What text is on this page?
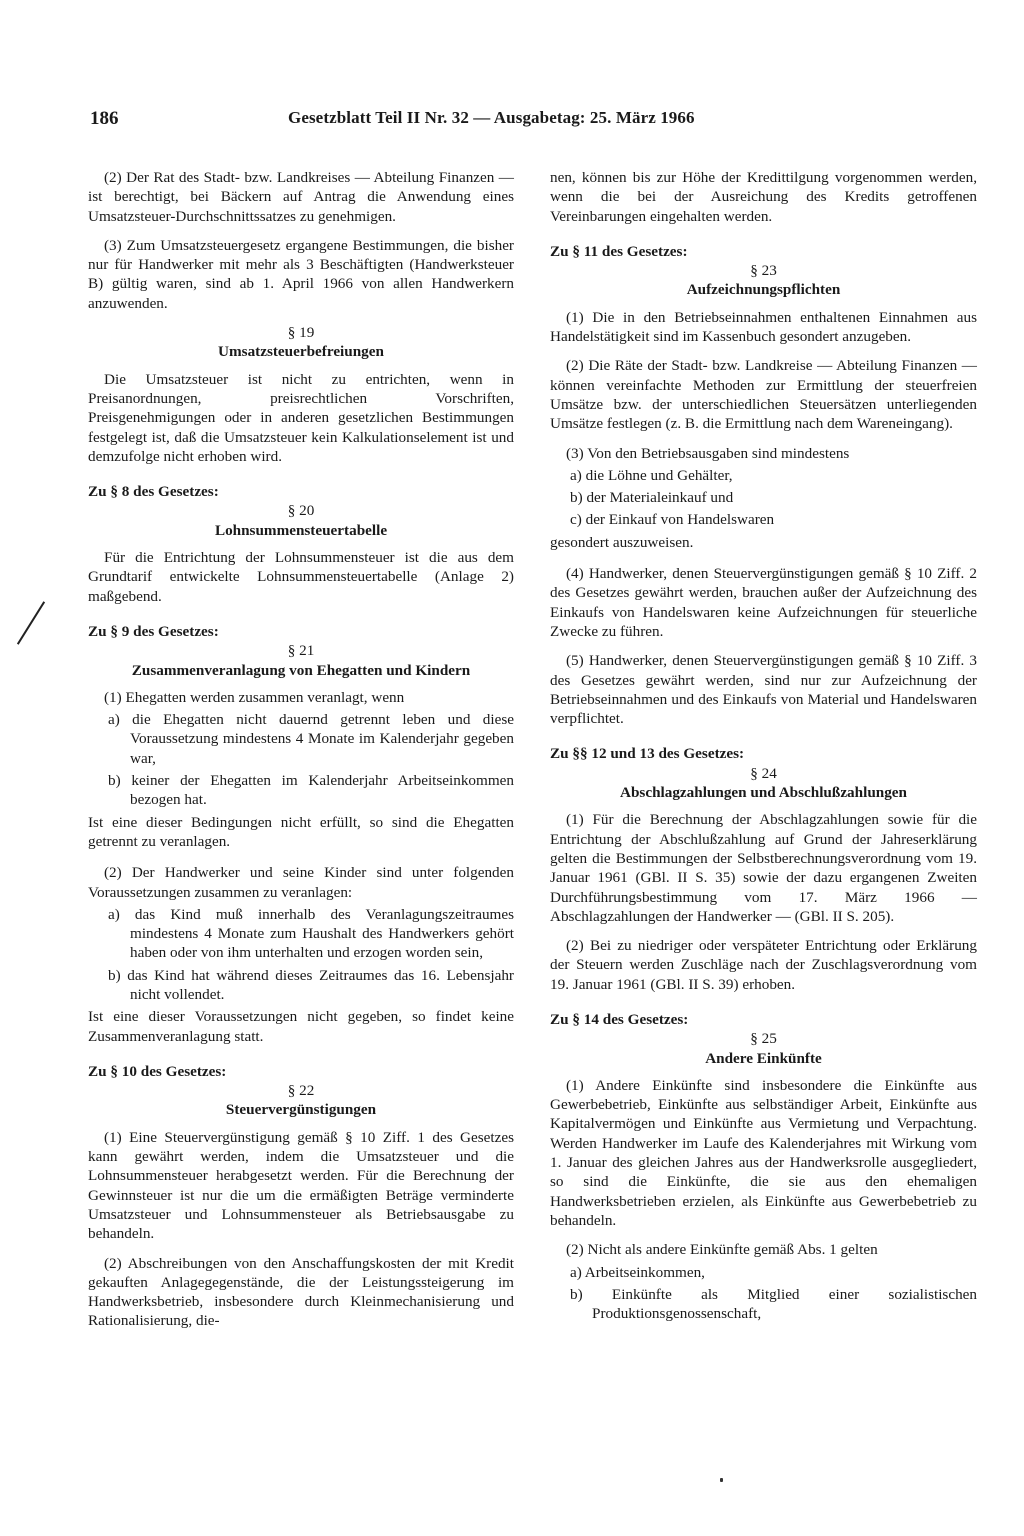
186	Gesetzblatt Teil II Nr. 32 — Ausgabetag: 25. März 1966

(2) Der Rat des Stadt- bzw. Landkreises — Abteilung Finanzen — ist berechtigt, bei Bäckern auf Antrag die Anwendung eines Umsatzsteuer-Durchschnittssatzes zu genehmigen.

(3) Zum Umsatzsteuergesetz ergangene Bestimmungen, die bisher nur für Handwerker mit mehr als 3 Beschäftigten (Handwerksteuer B) gültig waren, sind ab 1. April 1966 von allen Handwerkern anzuwenden.

§ 19

Umsatzsteuerbefreiungen

Die Umsatzsteuer ist nicht zu entrichten, wenn in Preisanordnungen, preisrechtlichen Vorschriften, Preisgenehmigungen oder in anderen gesetzlichen Bestimmungen festgelegt ist, daß die Umsatzsteuer kein Kalkulationselement ist und demzufolge nicht erhoben wird.

Zu § 8 des Gesetzes:

§ 20

Lohnsummensteuertabelle

Für die Entrichtung der Lohnsummensteuer ist die aus dem Grundtarif entwickelte Lohnsummensteuertabelle (Anlage 2) maßgebend.

Zu § 9 des Gesetzes:

§ 21

Zusammenveranlagung von Ehegatten und Kindern

(1) Ehegatten werden zusammen veranlagt, wenn

a) die Ehegatten nicht dauernd getrennt leben und diese Voraussetzung mindestens 4 Monate im Kalenderjahr gegeben war,

b) keiner der Ehegatten im Kalenderjahr Arbeitseinkommen bezogen hat.

Ist eine dieser Bedingungen nicht erfüllt, so sind die Ehegatten getrennt zu veranlagen.

(2) Der Handwerker und seine Kinder sind unter folgenden Voraussetzungen zusammen zu veranlagen:

a) das Kind muß innerhalb des Veranlagungszeitraumes mindestens 4 Monate zum Haushalt des Handwerkers gehört haben oder von ihm unterhalten und erzogen worden sein,

b) das Kind hat während dieses Zeitraumes das 16. Lebensjahr nicht vollendet.

Ist eine dieser Voraussetzungen nicht gegeben, so findet keine Zusammenveranlagung statt.

Zu § 10 des Gesetzes:

§ 22

Steuervergünstigungen

(1) Eine Steuervergünstigung gemäß § 10 Ziff. 1 des Gesetzes kann gewährt werden, indem die Umsatzsteuer und die Lohnsummensteuer herabgesetzt werden. Für die Berechnung der Gewinnsteuer ist nur die um die ermäßigten Beträge verminderte Umsatzsteuer und Lohnsummensteuer als Betriebsausgabe zu behandeln.

(2) Abschreibungen von den Anschaffungskosten der mit Kredit gekauften Anlagegegenstände, die der Leistungssteigerung im Handwerksbetrieb, insbesondere durch Kleinmechanisierung und Rationalisierung, die-

nen, können bis zur Höhe der Kredittilgung vorgenommen werden, wenn die bei der Ausreichung des Kredits getroffenen Vereinbarungen eingehalten werden.

Zu § 11 des Gesetzes:

§ 23

Aufzeichnungspflichten

(1) Die in den Betriebseinnahmen enthaltenen Einnahmen aus Handelstätigkeit sind im Kassenbuch gesondert anzugeben.

(2) Die Räte der Stadt- bzw. Landkreise — Abteilung Finanzen — können vereinfachte Methoden zur Ermittlung der steuerfreien Umsätze bzw. der unterschiedlichen Steuersätzen unterliegenden Umsätze festlegen (z. B. die Ermittlung nach dem Wareneingang).

(3) Von den Betriebsausgaben sind mindestens

a) die Löhne und Gehälter,

b) der Materialeinkauf und

c) der Einkauf von Handelswaren

gesondert auszuweisen.

(4) Handwerker, denen Steuervergünstigungen gemäß § 10 Ziff. 2 des Gesetzes gewährt werden, brauchen außer der Aufzeichnung des Einkaufs von Handelswaren keine Aufzeichnungen für steuerliche Zwecke zu führen.

(5) Handwerker, denen Steuervergünstigungen gemäß § 10 Ziff. 3 des Gesetzes gewährt werden, sind nur zur Aufzeichnung der Betriebseinnahmen und des Einkaufs von Material und Handelswaren verpflichtet.

Zu §§ 12 und 13 des Gesetzes:

§ 24

Abschlagzahlungen und Abschlußzahlungen

(1) Für die Berechnung der Abschlagzahlungen sowie für die Entrichtung der Abschlußzahlung auf Grund der Jahreserklärung gelten die Bestimmungen der Selbstberechnungsverordnung vom 19. Januar 1961 (GBl. II S. 35) sowie der dazu ergangenen Zweiten Durchführungsbestimmung vom 17. März 1966 — Abschlagzahlungen der Handwerker — (GBl. II S. 205).

(2) Bei zu niedriger oder verspäteter Entrichtung oder Erklärung der Steuern werden Zuschläge nach der Zuschlagsverordnung vom 19. Januar 1961 (GBl. II S. 39) erhoben.

Zu § 14 des Gesetzes:

§ 25

Andere Einkünfte

(1) Andere Einkünfte sind insbesondere die Einkünfte aus Gewerbebetrieb, Einkünfte aus selbständiger Arbeit, Einkünfte aus Kapitalvermögen und Einkünfte aus Vermietung und Verpachtung. Werden Handwerker im Laufe des Kalenderjahres mit Wirkung vom 1. Januar des gleichen Jahres aus der Handwerksrolle ausgegliedert, so sind die Einkünfte, die sie aus den ehemaligen Handwerksbetrieben erzielen, als Einkünfte aus Gewerbebetrieb zu behandeln.

(2) Nicht als andere Einkünfte gemäß Abs. 1 gelten

a) Arbeitseinkommen,

b) Einkünfte als Mitglied einer sozialistischen Produktionsgenossenschaft,
